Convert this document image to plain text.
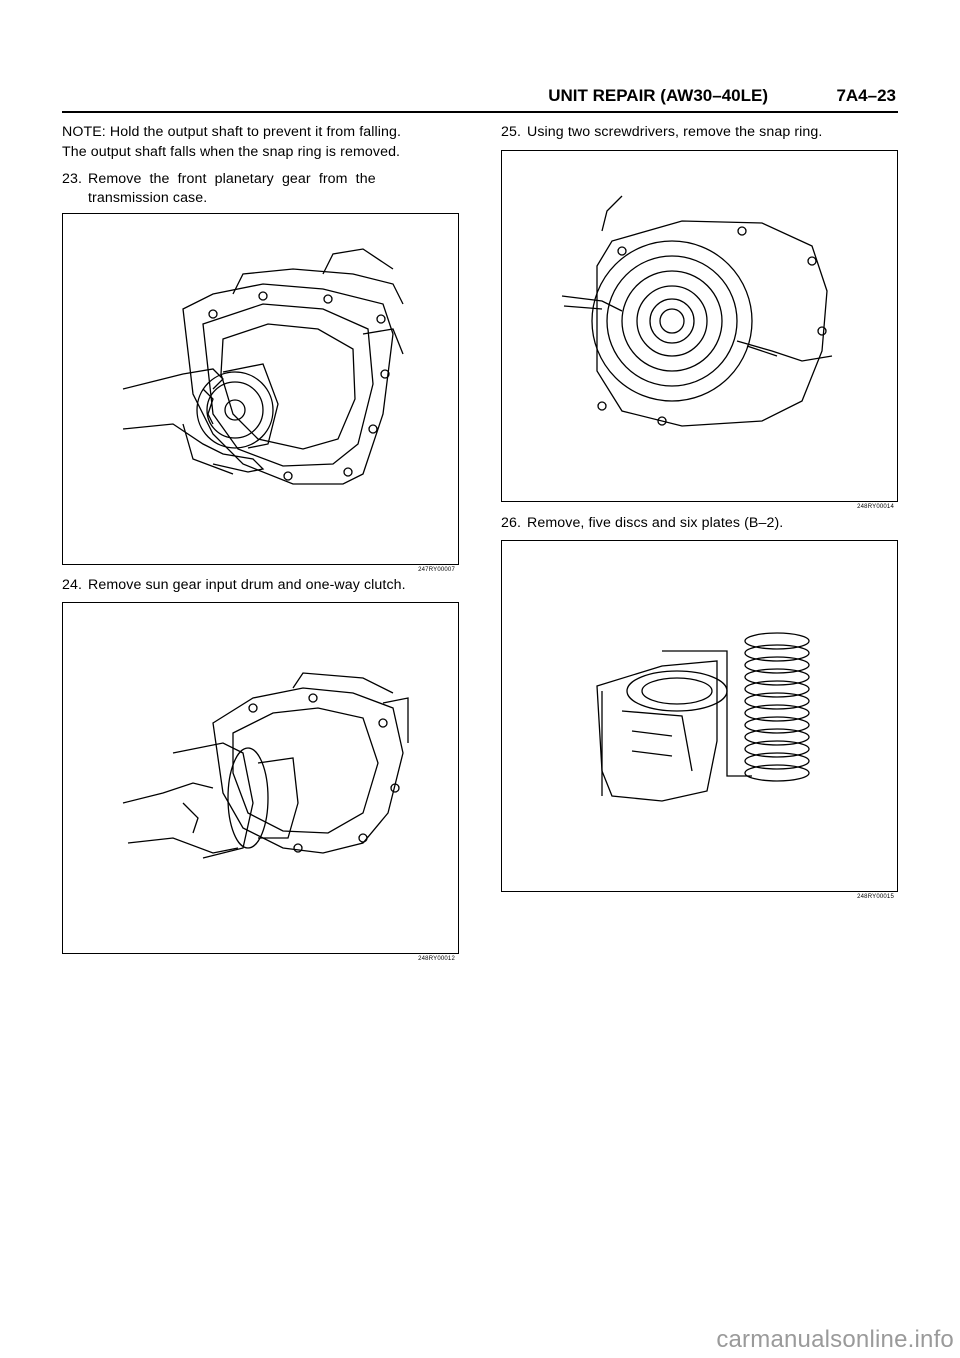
UNIT REPAIR (AW30–40LE)	7A4–23
NOTE: Hold the output shaft to prevent it from falling.
The output shaft falls when the snap ring is removed.
23. Remove  the  front  planetary  gear  from  the
transmission case.
247RY00007
24. Remove sun gear input drum and one-way clutch.
248RY00012
25. Using two screwdrivers, remove the snap ring.
248RY00014
26. Remove, five discs and six plates (B–2).
248RY00015
carmanualsonline.info
